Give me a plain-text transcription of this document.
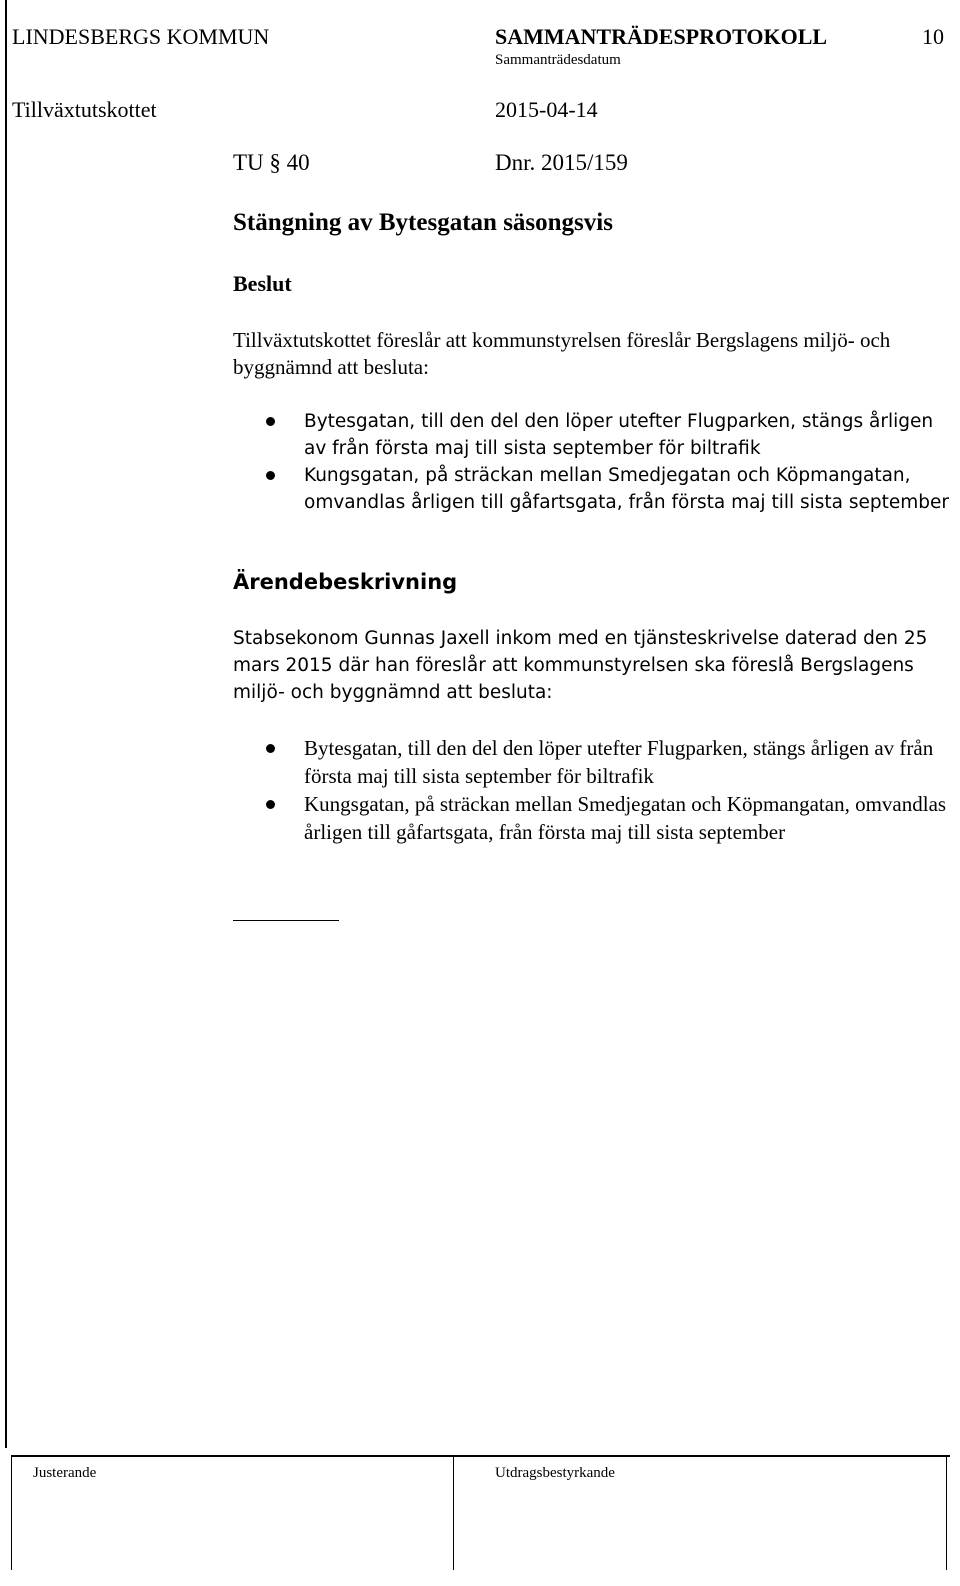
LINDESBERGS KOMMUN	SAMMANTRÄDESPROTOKOLL	10
Sammanträdesdatum
Tillväxtutskottet	2015-04-14
TU § 40	Dnr. 2015/159
Stängning av Bytesgatan säsongsvis
Beslut
Tillväxtutskottet föreslår att kommunstyrelsen föreslår Bergslagens miljö- och byggnämnd att besluta:
Bytesgatan, till den del den löper utefter Flugparken, stängs årligen av från första maj till sista september för biltrafik
Kungsgatan, på sträckan mellan Smedjegatan och Köpmangatan, omvandlas årligen till gåfartsgata, från första maj till sista september
Ärendebeskrivning
Stabsekonom Gunnas Jaxell inkom med en tjänsteskrivelse daterad den 25 mars 2015 där han föreslår att kommunstyrelsen ska föreslå Bergslagens miljö- och byggnämnd att besluta:
Bytesgatan, till den del den löper utefter Flugparken, stängs årligen av från första maj till sista september för biltrafik
Kungsgatan, på sträckan mellan Smedjegatan och Köpmangatan, omvandlas årligen till gåfartsgata, från första maj till sista september
Justerande	Utdragsbestyrkande
